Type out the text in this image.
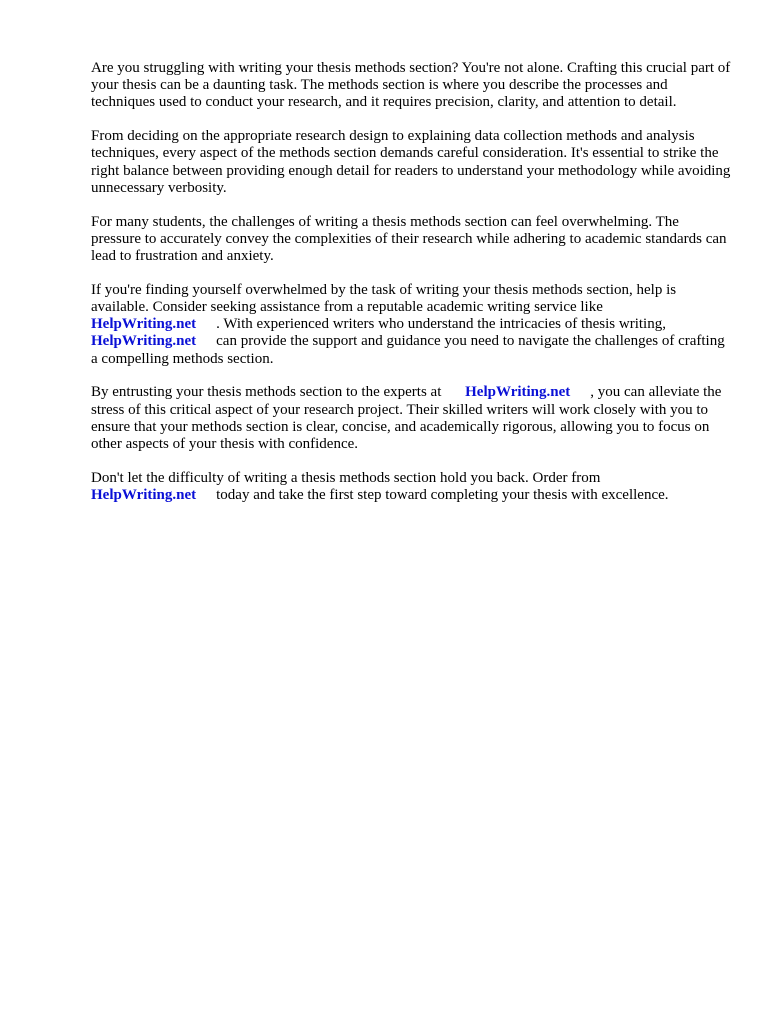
Are you struggling with writing your thesis methods section? You're not alone. Crafting this crucial part of your thesis can be a daunting task. The methods section is where you describe the processes and techniques used to conduct your research, and it requires precision, clarity, and attention to detail.

From deciding on the appropriate research design to explaining data collection methods and analysis techniques, every aspect of the methods section demands careful consideration. It's essential to strike the right balance between providing enough detail for readers to understand your methodology while avoiding unnecessary verbosity.

For many students, the challenges of writing a thesis methods section can feel overwhelming. The pressure to accurately convey the complexities of their research while adhering to academic standards can lead to frustration and anxiety.

If you're finding yourself overwhelmed by the task of writing your thesis methods section, help is available. Consider seeking assistance from a reputable academic writing service like
HelpWriting.net . With experienced writers who understand the intricacies of thesis writing,
HelpWriting.net can provide the support and guidance you need to navigate the challenges of crafting a compelling methods section.

By entrusting your thesis methods section to the experts at HelpWriting.net , you can alleviate the stress of this critical aspect of your research project. Their skilled writers will work closely with you to ensure that your methods section is clear, concise, and academically rigorous, allowing you to focus on other aspects of your thesis with confidence.

Don't let the difficulty of writing a thesis methods section hold you back. Order from
HelpWriting.net today and take the first step toward completing your thesis with excellence.
